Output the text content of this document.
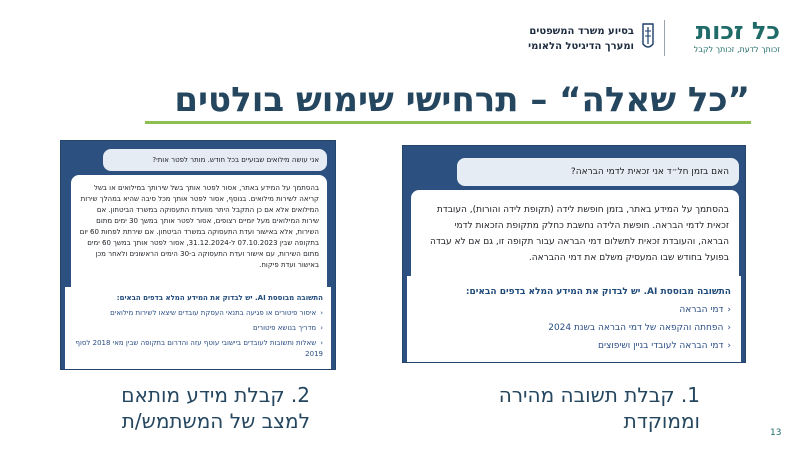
כל זכות
זכותך לדעת, זכותך לקבל
בסיוע משרד המשפטים
ומערך הדיגיטל הלאומי
”כל שאלה“ – תרחישי שימוש בולטים
אני עושה מילואים שבועיים בכל חודש. מותר לפטר אותי?
בהסתמך על המידע באתר, אסור לפטר אותך בשל שירותך במילואים או בשל קריאה לשירות מילואים. בנוסף, אסור לפטר אותך מכל סיבה שהיא במהלך שירות המילואים אלא אם כן התקבל היתר מוועדת התעסוקה במשרד הביטחון. אם שירות המילואים מעל יומיים רצופים, אסור לפטר אותך במשך 30 ימים מתום השירות, אלא באישור ועדת התעסוקה במשרד הביטחון. אם שירתת לפחות 60 יום בתקופה שבין 07.10.2023 ל-31.12.2024, אסור לפטר אותך במשך 60 ימים מתום השירות, עם אישור ועדת התעסוקה ב-30 הימים הראשונים ולאחר מכן באישור ועדת פיקוח.
התשובה מבוססת AI. יש לבדוק את המידע המלא בדפים הבאים:
‹איסור פיטורים או פגיעה בתנאי העסקת עובדים שיצאו לשירות מילואים
‹מדריך בנושא פיטורים
‹שאלות ותשובות לעובדים ביישובי עוטף עזה והדרום בתקופה שבין מאי 2018 לסוף 2019
האם בזמן חל״ד אני זכאית לדמי הבראה?
בהסתמך על המידע באתר, בזמן חופשת לידה (תקופת לידה והורות), העובדת זכאית לדמי הבראה. חופשת הלידה נחשבת כחלק מתקופת הזכאות לדמי הבראה, והעובדת זכאית לתשלום דמי הבראה עבור תקופה זו, גם אם לא עבדה בפועל בחודש שבו המעסיק משלם את דמי ההבראה.
התשובה מבוססת AI. יש לבדוק את המידע המלא בדפים הבאים:
‹דמי הבראה
‹הפחתה והקפאה של דמי הבראה בשנת 2024
‹דמי הבראה לעובדי בניין ושיפוצים
2. קבלת מידע מותאם
למצב של המשתמש/ת
1. קבלת תשובה מהירה
וממוקדת	13
